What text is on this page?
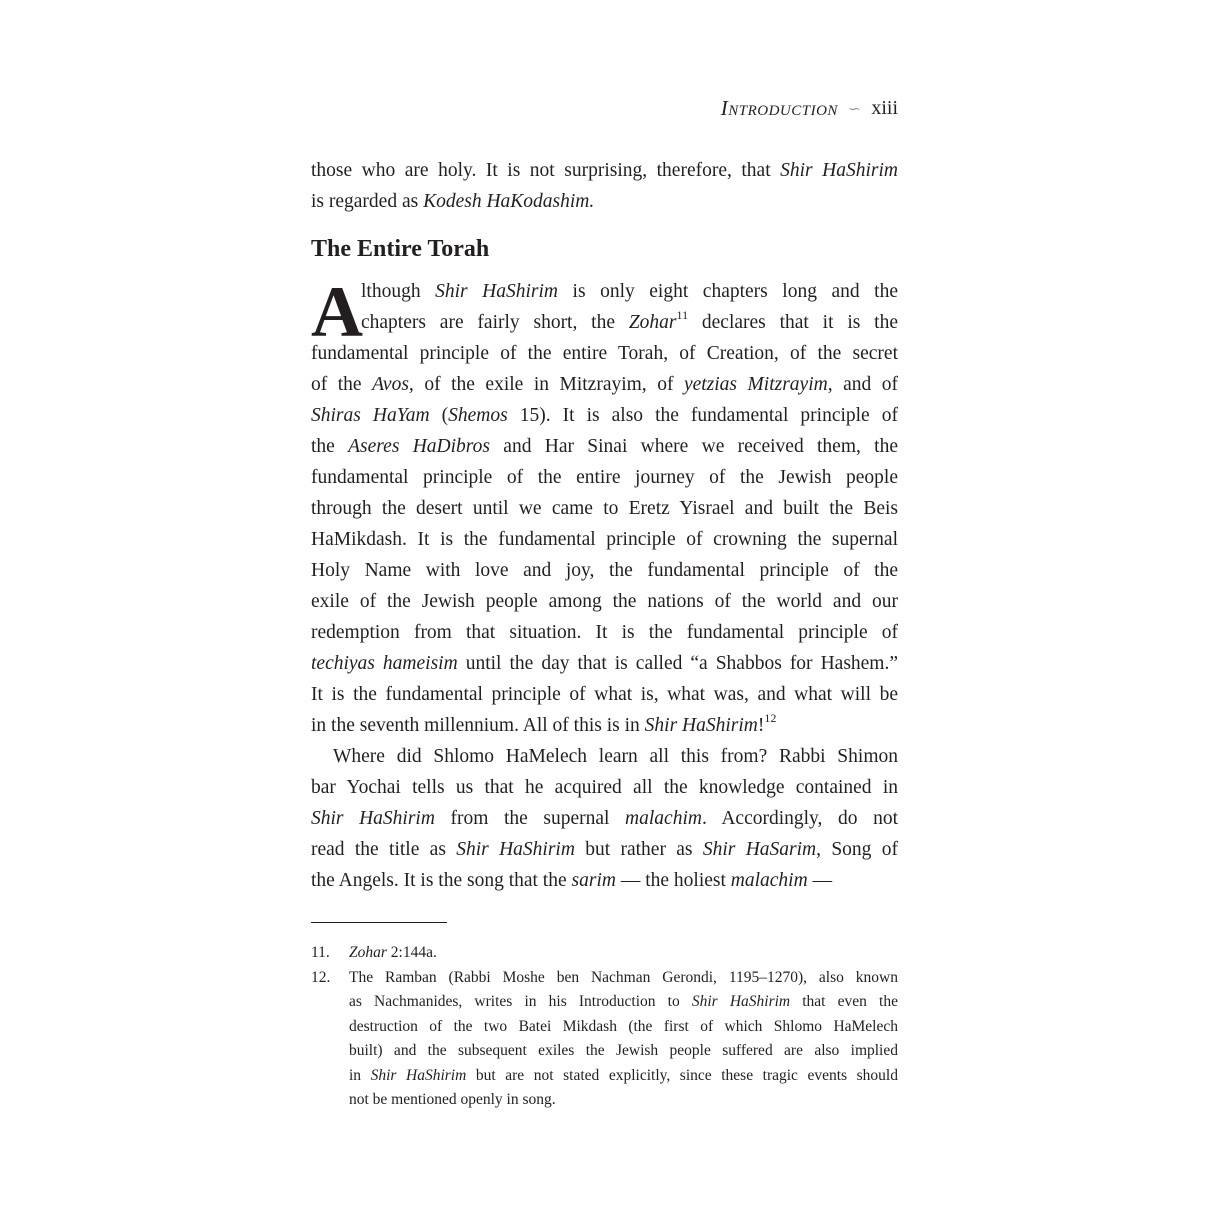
Introduction ∽ xiii
those who are holy. It is not surprising, therefore, that Shir HaShirim
is regarded as Kodesh HaKodashim.
The Entire Torah
A
lthough Shir HaShirim is only eight chapters long and the
chapters are fairly short, the Zohar$^{11}$ declares that it is the
fundamental principle of the entire Torah, of Creation, of the secret
of the Avos, of the exile in Mitzrayim, of yetzias Mitzrayim, and of
Shiras HaYam (Shemos 15). It is also the fundamental principle of
the Aseres HaDibros and Har Sinai where we received them, the
fundamental principle of the entire journey of the Jewish people
through the desert until we came to Eretz Yisrael and built the Beis
HaMikdash. It is the fundamental principle of crowning the supernal
Holy Name with love and joy, the fundamental principle of the
exile of the Jewish people among the nations of the world and our
redemption from that situation. It is the fundamental principle of
techiyas hameisim until the day that is called “a Shabbos for Hashem.”
It is the fundamental principle of what is, what was, and what will be
in the seventh millennium. All of this is in Shir HaShirim!$^{12}$
Where did Shlomo HaMelech learn all this from? Rabbi Shimon
bar Yochai tells us that he acquired all the knowledge contained in
Shir HaShirim from the supernal malachim. Accordingly, do not
read the title as Shir HaShirim but rather as Shir HaSarim, Song of
the Angels. It is the song that the sarim — the holiest malachim —
11. Zohar 2:144a.
12. The Ramban (Rabbi Moshe ben Nachman Gerondi, 1195–1270), also known
as Nachmanides, writes in his Introduction to Shir HaShirim that even the
destruction of the two Batei Mikdash (the first of which Shlomo HaMelech
built) and the subsequent exiles the Jewish people suffered are also implied
in Shir HaShirim but are not stated explicitly, since these tragic events should
not be mentioned openly in song.
